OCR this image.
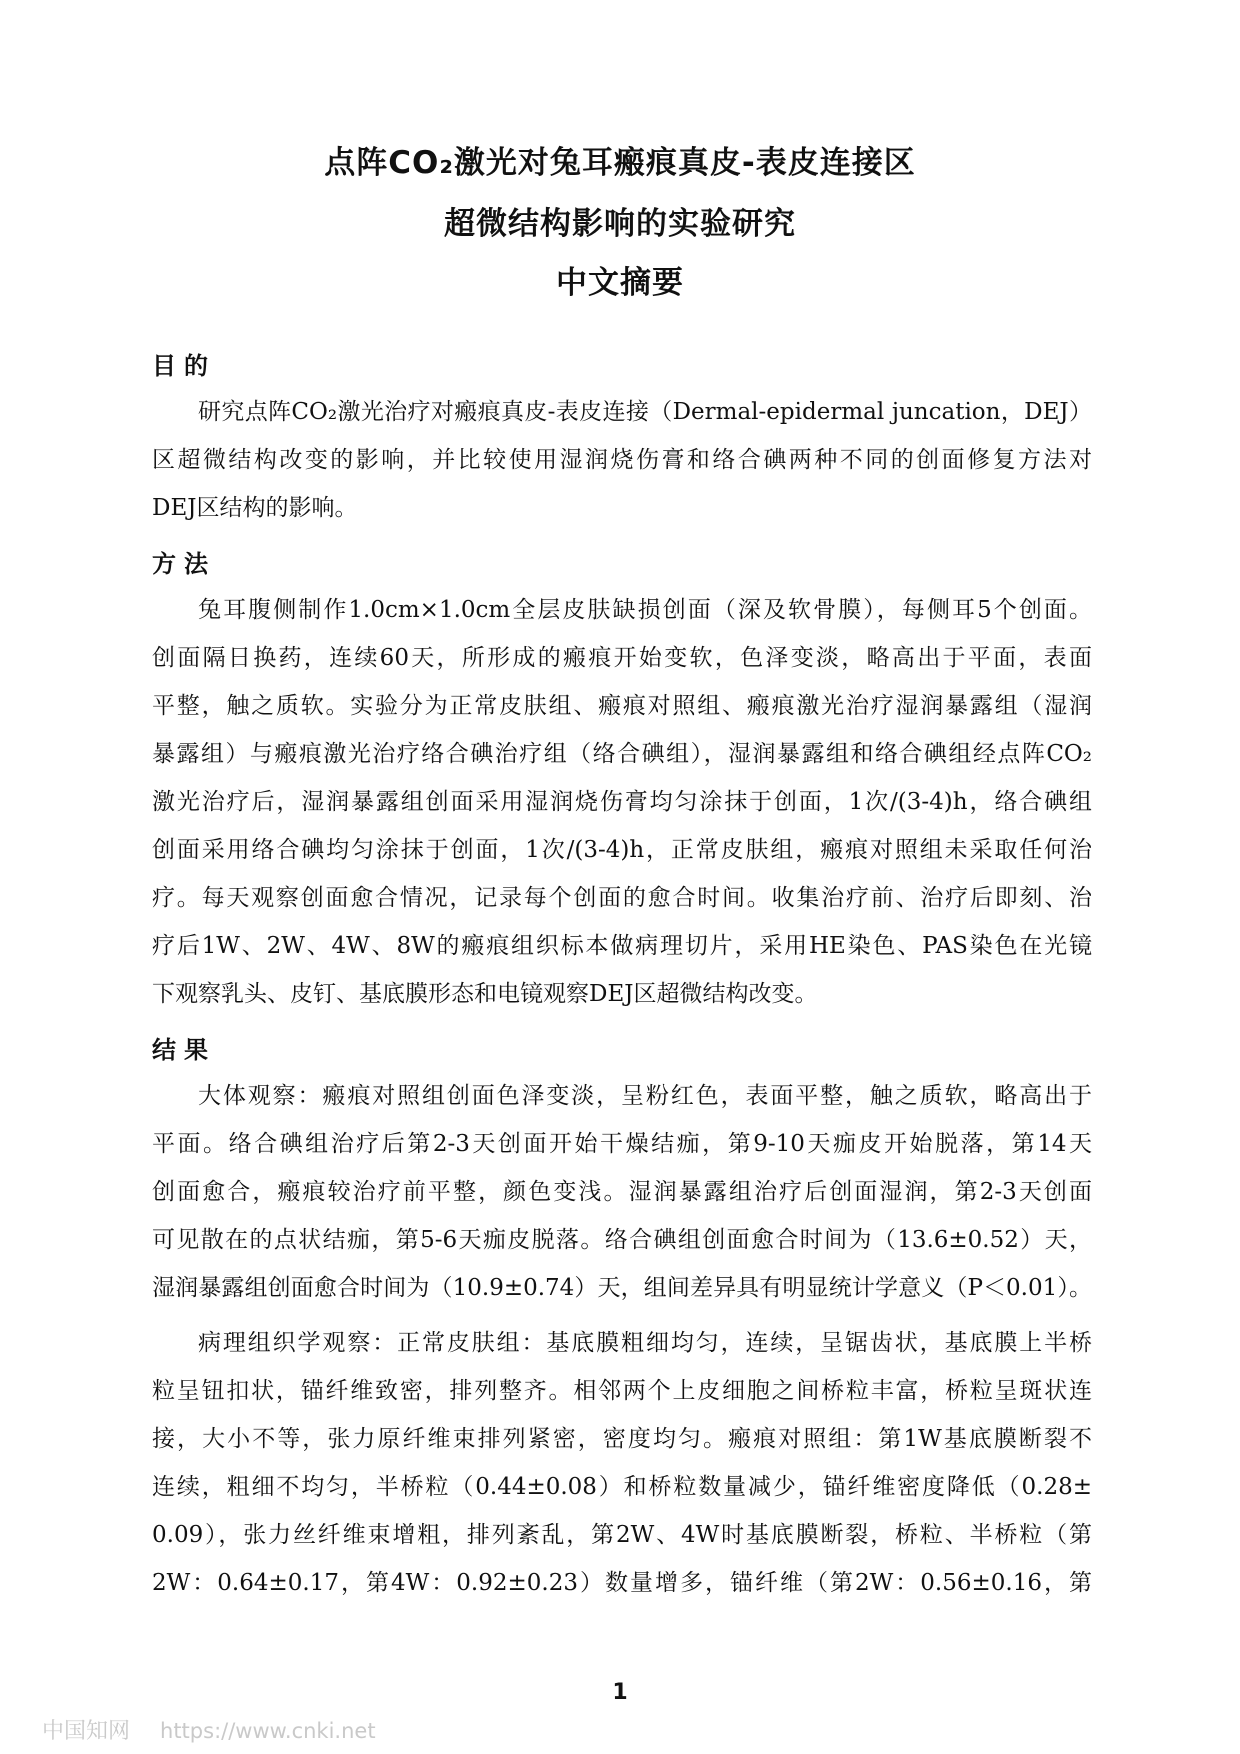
点阵CO₂激光对兔耳瘢痕真皮-表皮连接区
超微结构影响的实验研究
中文摘要
目的

研究点阵CO₂激光治疗对瘢痕真皮-表皮连接（Dermal-epidermal juncation，DEJ）

区超微结构改变的影响，并比较使用湿润烧伤膏和络合碘两种不同的创面修复方法对

DEJ区结构的影响。

方法

兔耳腹侧制作1.0cm×1.0cm全层皮肤缺损创面（深及软骨膜），每侧耳5个创面。

创面隔日换药，连续60天，所形成的瘢痕开始变软，色泽变淡，略高出于平面，表面

平整，触之质软。实验分为正常皮肤组、瘢痕对照组、瘢痕激光治疗湿润暴露组（湿润

暴露组）与瘢痕激光治疗络合碘治疗组（络合碘组），湿润暴露组和络合碘组经点阵CO₂

激光治疗后，湿润暴露组创面采用湿润烧伤膏均匀涂抹于创面，1次/(3-4)h，络合碘组

创面采用络合碘均匀涂抹于创面，1次/(3-4)h，正常皮肤组，瘢痕对照组未采取任何治

疗。每天观察创面愈合情况，记录每个创面的愈合时间。收集治疗前、治疗后即刻、治

疗后1W、2W、4W、8W的瘢痕组织标本做病理切片，采用HE染色、PAS染色在光镜

下观察乳头、皮钉、基底膜形态和电镜观察DEJ区超微结构改变。

结果

大体观察：瘢痕对照组创面色泽变淡，呈粉红色，表面平整，触之质软，略高出于

平面。络合碘组治疗后第2-3天创面开始干燥结痂，第9-10天痂皮开始脱落，第14天

创面愈合，瘢痕较治疗前平整，颜色变浅。湿润暴露组治疗后创面湿润，第2-3天创面

可见散在的点状结痂，第5-6天痂皮脱落。络合碘组创面愈合时间为（13.6±0.52）天，

湿润暴露组创面愈合时间为（10.9±0.74）天，组间差异具有明显统计学意义（P＜0.01）。

病理组织学观察：正常皮肤组：基底膜粗细均匀，连续，呈锯齿状，基底膜上半桥

粒呈钮扣状，锚纤维致密，排列整齐。相邻两个上皮细胞之间桥粒丰富，桥粒呈斑状连

接，大小不等，张力原纤维束排列紧密，密度均匀。瘢痕对照组：第1W基底膜断裂不

连续，粗细不均匀，半桥粒（0.44±0.08）和桥粒数量减少，锚纤维密度降低（0.28±

0.09），张力丝纤维束增粗，排列紊乱，第2W、4W时基底膜断裂，桥粒、半桥粒（第

2W：0.64±0.17，第4W：0.92±0.23）数量增多，锚纤维（第2W：0.56±0.16，第

1
中国知网 https://www.cnki.net
